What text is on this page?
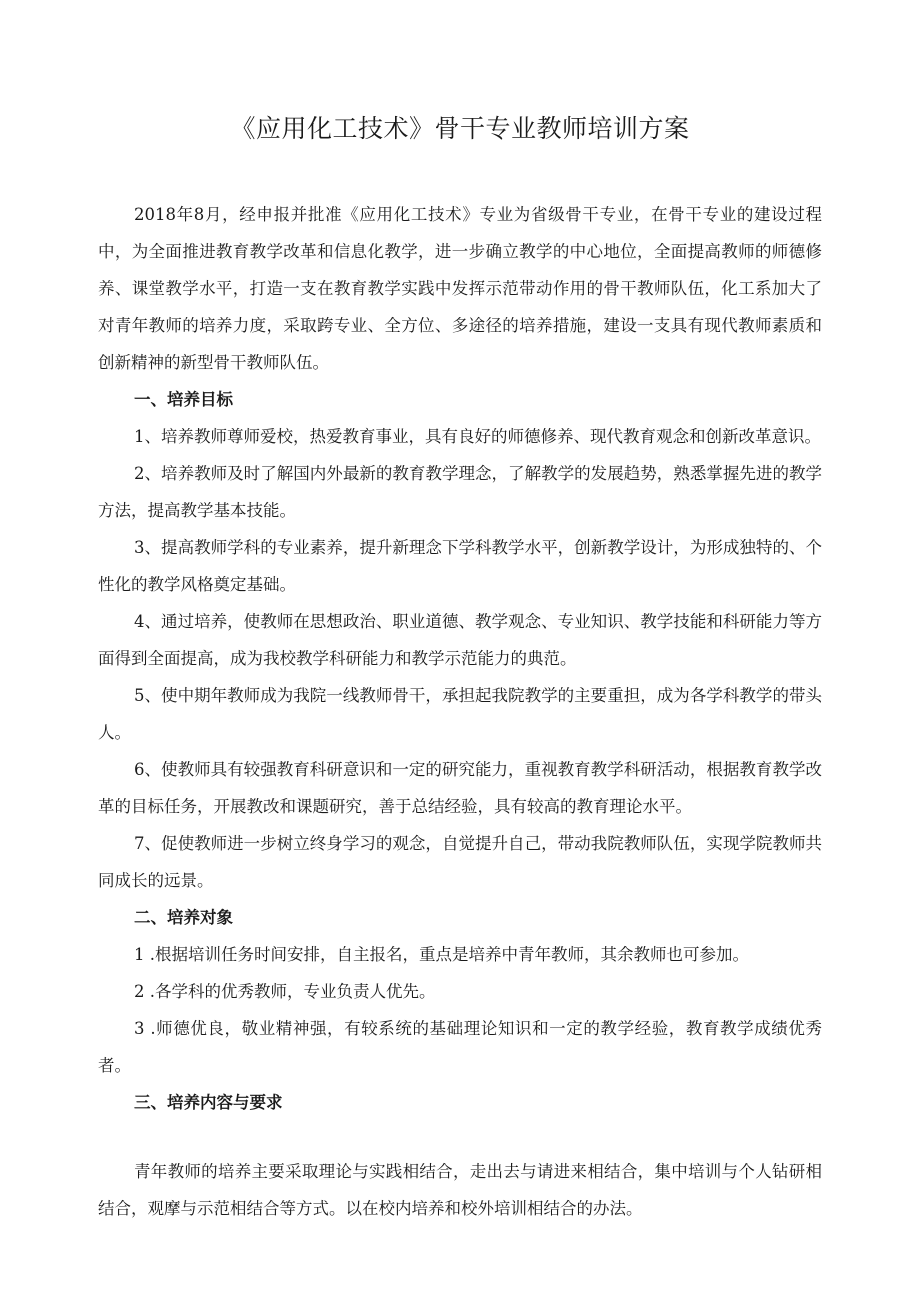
《应用化工技术》骨干专业教师培训方案

2018年8月，经申报并批准《应用化工技术》专业为省级骨干专业，在骨干专业的建设过程中，为全面推进教育教学改革和信息化教学，进一步确立教学的中心地位，全面提高教师的师德修养、课堂教学水平，打造一支在教育教学实践中发挥示范带动作用的骨干教师队伍，化工系加大了对青年教师的培养力度，采取跨专业、全方位、多途径的培养措施，建设一支具有现代教师素质和创新精神的新型骨干教师队伍。

一、培养目标

1、培养教师尊师爱校，热爱教育事业，具有良好的师德修养、现代教育观念和创新改革意识。

2、培养教师及时了解国内外最新的教育教学理念，了解教学的发展趋势，熟悉掌握先进的教学方法，提高教学基本技能。

3、提高教师学科的专业素养，提升新理念下学科教学水平，创新教学设计，为形成独特的、个性化的教学风格奠定基础。

4、通过培养，使教师在思想政治、职业道德、教学观念、专业知识、教学技能和科研能力等方面得到全面提高，成为我校教学科研能力和教学示范能力的典范。

5、使中期年教师成为我院一线教师骨干，承担起我院教学的主要重担，成为各学科教学的带头人。

6、使教师具有较强教育科研意识和一定的研究能力，重视教育教学科研活动，根据教育教学改革的目标任务，开展教改和课题研究，善于总结经验，具有较高的教育理论水平。

7、促使教师进一步树立终身学习的观念，自觉提升自己，带动我院教师队伍，实现学院教师共同成长的远景。

二、培养对象

1 .根据培训任务时间安排，自主报名，重点是培养中青年教师，其余教师也可参加。

2 .各学科的优秀教师，专业负责人优先。

3 .师德优良，敬业精神强，有较系统的基础理论知识和一定的教学经验，教育教学成绩优秀者。

三、培养内容与要求

青年教师的培养主要采取理论与实践相结合，走出去与请进来相结合，集中培训与个人钻研相结合，观摩与示范相结合等方式。以在校内培养和校外培训相结合的办法。
